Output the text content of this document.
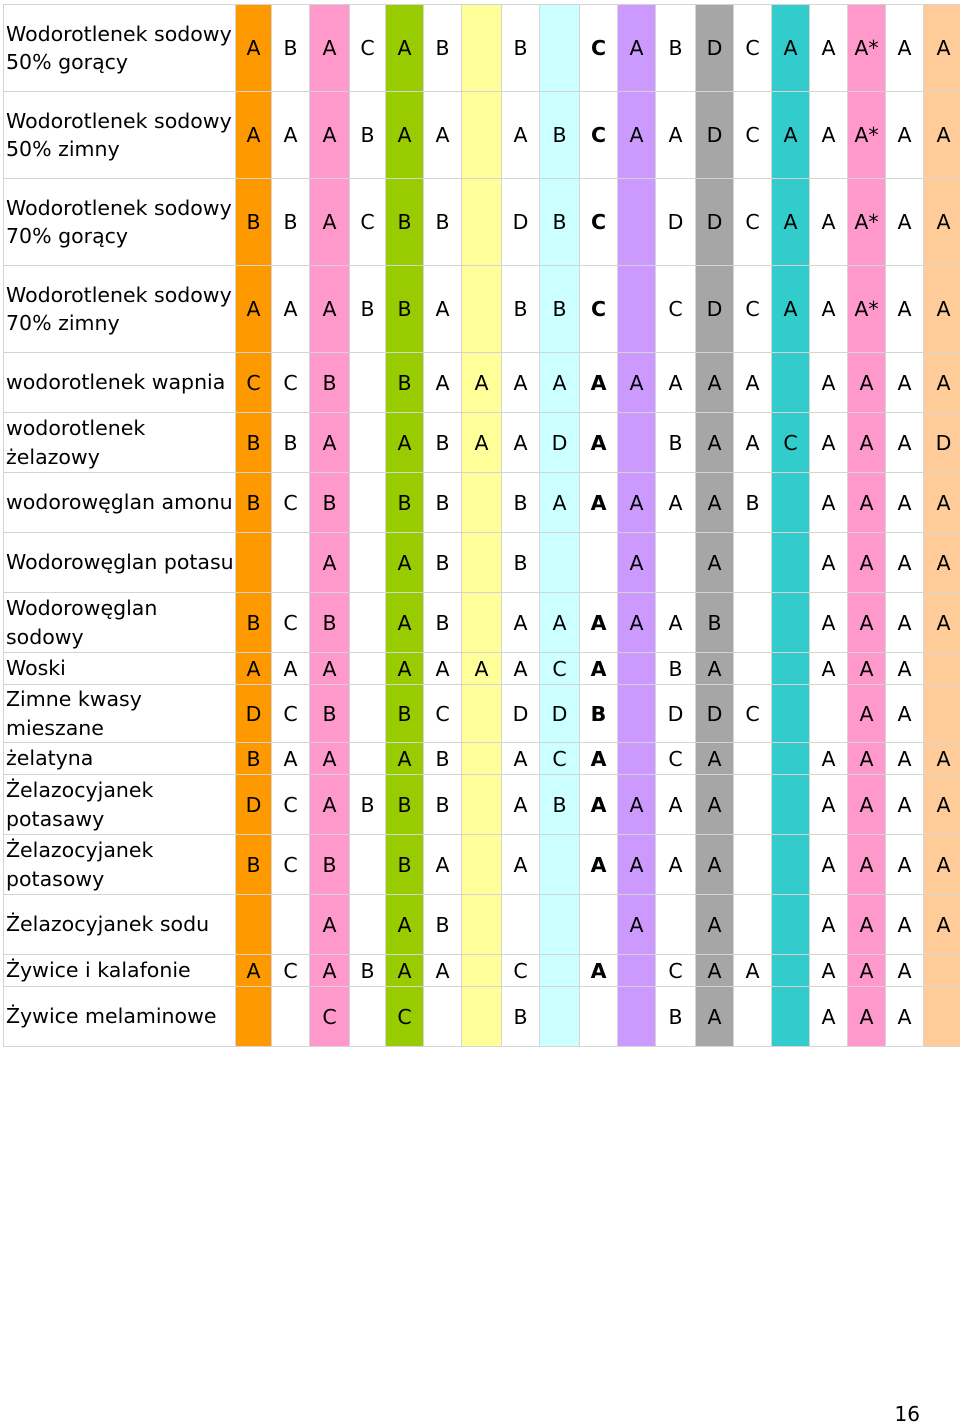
Wodorotlenek sodowy 50% gorący	A	B	A	C	A	B		B		C	A	B	D	C	A	A	A*	A	A
Wodorotlenek sodowy 50% zimny	A	A	A	B	A	A		A	B	C	A	A	D	C	A	A	A*	A	A
Wodorotlenek sodowy 70% gorący	B	B	A	C	B	B		D	B	C		D	D	C	A	A	A*	A	A
Wodorotlenek sodowy 70% zimny	A	A	A	B	B	A		B	B	C		C	D	C	A	A	A*	A	A
wodorotlenek wapnia	C	C	B		B	A	A	A	A	A	A	A	A	A		A	A	A	A
wodorotlenek żelazowy	B	B	A		A	B	A	A	D	A		B	A	A	C	A	A	A	D
wodorowęglan amonu	B	C	B		B	B		B	A	A	A	A	A	B		A	A	A	A
Wodorowęglan potasu			A		A	B		B			A		A			A	A	A	A
Wodorowęglan sodowy	B	C	B		A	B		A	A	A	A	A	B			A	A	A	A
Woski	A	A	A		A	A	A	A	C	A		B	A			A	A	A	
Zimne kwasy mieszane	D	C	B		B	C		D	D	B		D	D	C			A	A	
żelatyna	B	A	A		A	B		A	C	A		C	A			A	A	A	A
Żelazocyjanek potasawy	D	C	A	B	B	B		A	B	A	A	A	A			A	A	A	A
Żelazocyjanek potasowy	B	C	B		B	A		A		A	A	A	A			A	A	A	A
Żelazocyjanek sodu			A		A	B					A		A			A	A	A	A
Żywice i kalafonie	A	C	A	B	A	A		C		A		C	A	A		A	A	A	
Żywice melaminowe			C		C			B				B	A			A	A	A	
16
